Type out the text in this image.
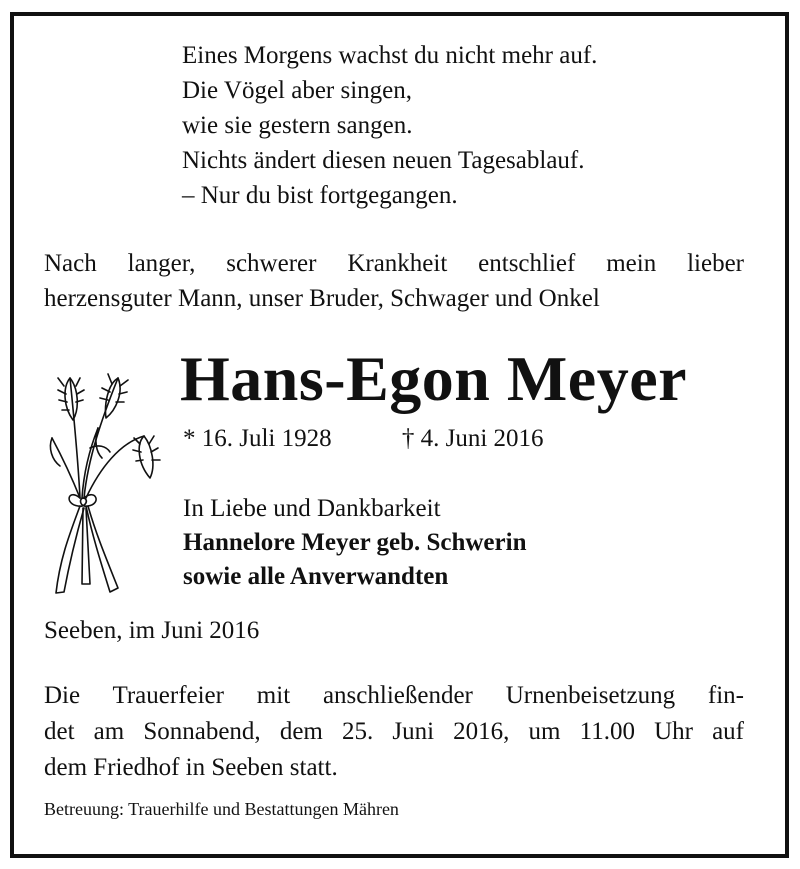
Eines Morgens wachst du nicht mehr auf.
Die Vögel aber singen,
wie sie gestern sangen.
Nichts ändert diesen neuen Tagesablauf.
– Nur du bist fortgegangen.
Nach langer, schwerer Krankheit entschlief mein lieber
herzensguter Mann, unser Bruder, Schwager und Onkel
Hans-Egon Meyer
* 16. Juli 1928	† 4. Juni 2016
In Liebe und Dankbarkeit
Hannelore Meyer geb. Schwerin
sowie alle Anverwandten
Seeben, im Juni 2016
Die Trauerfeier mit anschließender Urnenbeisetzung fin-
det am Sonnabend, dem 25. Juni 2016, um 11.00 Uhr auf
dem Friedhof in Seeben statt.
Betreuung: Trauerhilfe und Bestattungen Mähren
